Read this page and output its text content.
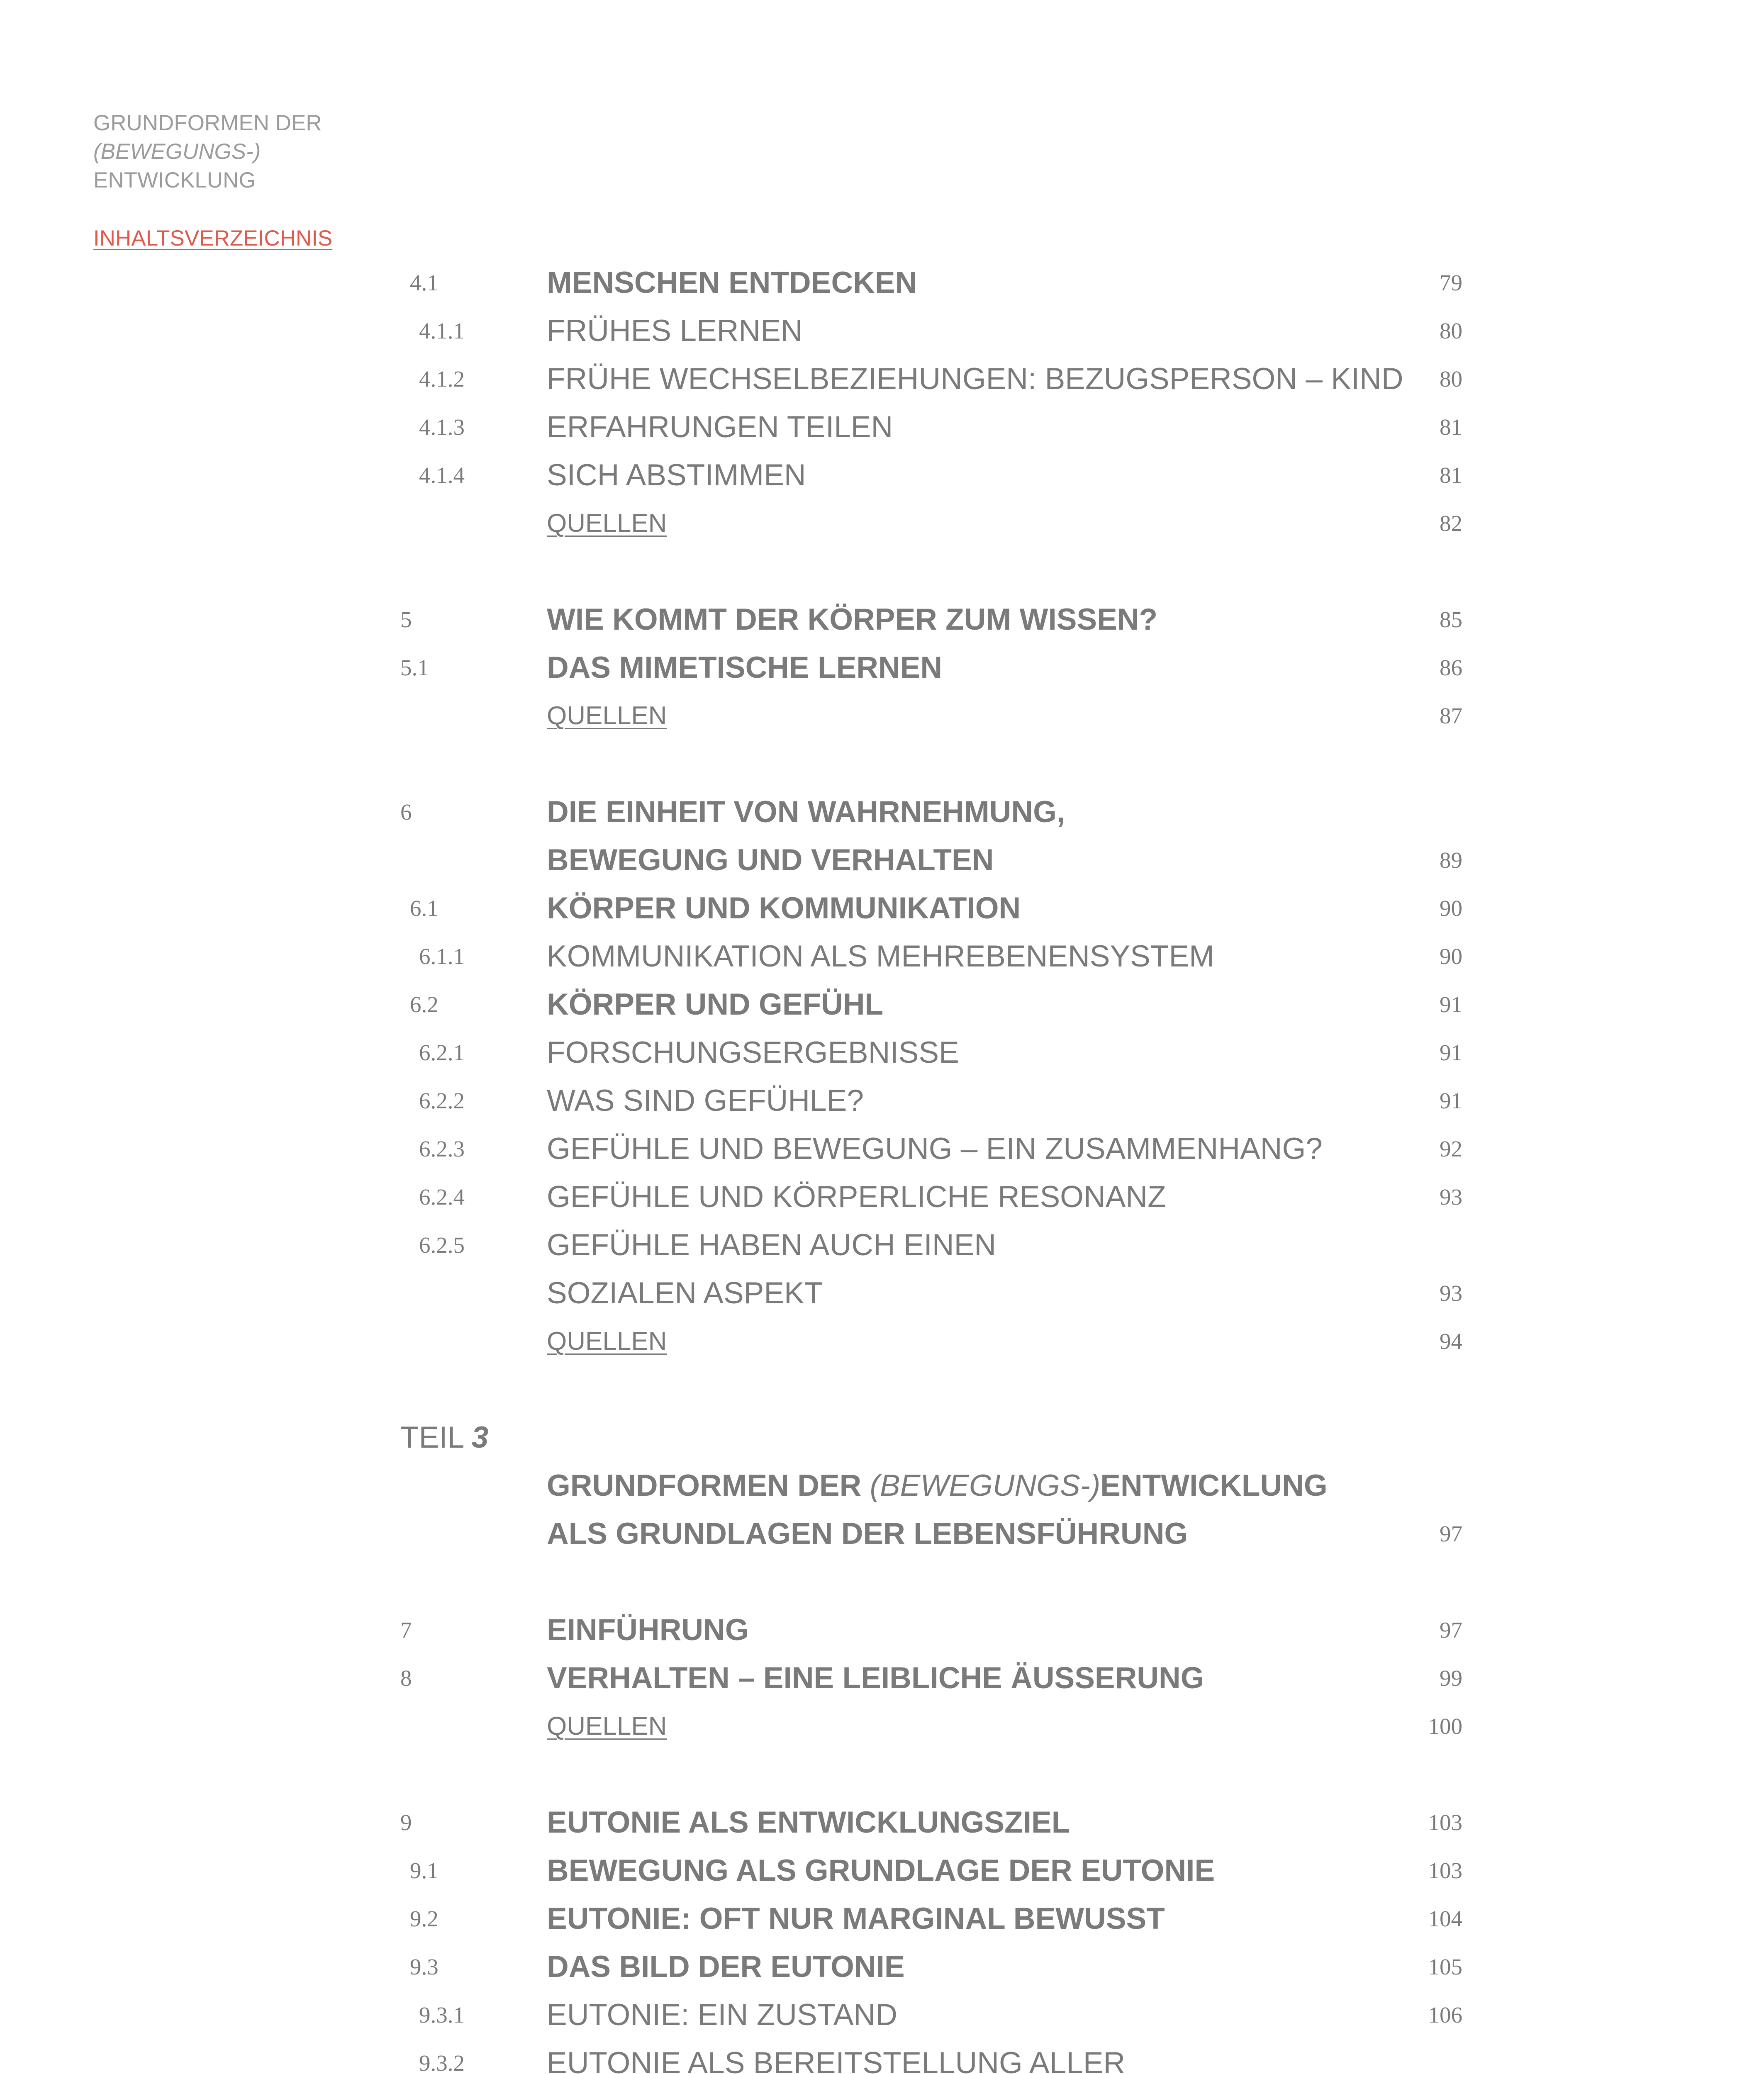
GRUNDFORMEN DER
(BEWEGUNGS-)
ENTWICKLUNG
INHALTSVERZEICHNIS
4.1	MENSCHEN ENTDECKEN	79
4.1.1	FRÜHES LERNEN	80
4.1.2	FRÜHE WECHSELBEZIEHUNGEN: BEZUGSPERSON – KIND 80
4.1.3	ERFAHRUNGEN TEILEN	81
4.1.4	SICH ABSTIMMEN	81
QUELLEN	82
5	WIE KOMMT DER KÖRPER ZUM WISSEN?	85
5.1	DAS MIMETISCHE LERNEN	86
QUELLEN	87
6	DIE EINHEIT VON WAHRNEHMUNG,
BEWEGUNG UND VERHALTEN	89
6.1	KÖRPER UND KOMMUNIKATION	90
6.1.1	KOMMUNIKATION ALS MEHREBENENSYSTEM	90
6.2	KÖRPER UND GEFÜHL	91
6.2.1	FORSCHUNGSERGEBNISSE	91
6.2.2	WAS SIND GEFÜHLE?	91
6.2.3	GEFÜHLE UND BEWEGUNG – EIN ZUSAMMENHANG?	92
6.2.4	GEFÜHLE UND KÖRPERLICHE RESONANZ	93
6.2.5	GEFÜHLE HABEN AUCH EINEN
SOZIALEN ASPEKT	93
QUELLEN	94
TEIL 3
GRUNDFORMEN DER (BEWEGUNGS-)ENTWICKLUNG
ALS GRUNDLAGEN DER LEBENSFÜHRUNG	97
7	EINFÜHRUNG	97
8	VERHALTEN – EINE LEIBLICHE ÄUSSERUNG	99
QUELLEN	100
9	EUTONIE ALS ENTWICKLUNGSZIEL	103
9.1	BEWEGUNG ALS GRUNDLAGE DER EUTONIE	103
9.2	EUTONIE: OFT NUR MARGINAL BEWUSST	104
9.3	DAS BILD DER EUTONIE	105
9.3.1	EUTONIE: EIN ZUSTAND	106
9.3.2	EUTONIE ALS BEREITSTELLUNG ALLER
